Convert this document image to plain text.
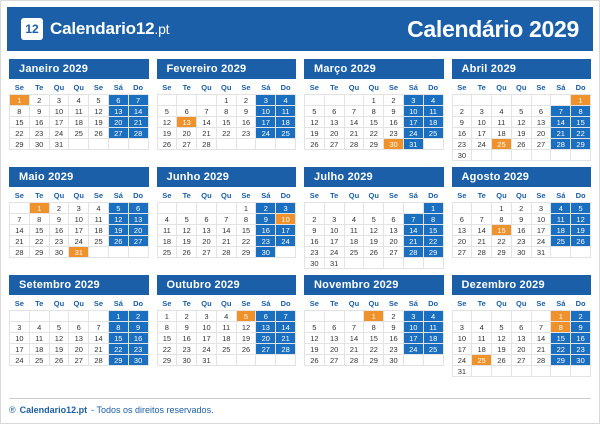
12 Calendario12.pt	Calendário 2029
Janeiro 2029
Se	Te	Qu	Qu	Se	Sá	Do
1	2	3	4	5	6	7
8	9	10	11	12	13	14
15	16	17	18	19	20	21
22	23	24	25	26	27	28
29	30	31				
Fevereiro 2029
Se	Te	Qu	Qu	Se	Sá	Do
			1	2	3	4
5	6	7	8	9	10	11
12	13	14	15	16	17	18
19	20	21	22	23	24	25
26	27	28				
Março 2029
Se	Te	Qu	Qu	Se	Sá	Do
			1	2	3	4
5	6	7	8	9	10	11
12	13	14	15	16	17	18
19	20	21	22	23	24	25
26	27	28	29	30	31	
Abril 2029
Se	Te	Qu	Qu	Se	Sá	Do
						1
2	3	4	5	6	7	8
9	10	11	12	13	14	15
16	17	18	19	20	21	22
23	24	25	26	27	28	29
30						
Maio 2029
Se	Te	Qu	Qu	Se	Sá	Do
	1	2	3	4	5	6
7	8	9	10	11	12	13
14	15	16	17	18	19	20
21	22	23	24	25	26	27
28	29	30	31			
Junho 2029
Se	Te	Qu	Qu	Se	Sá	Do
				1	2	3
4	5	6	7	8	9	10
11	12	13	14	15	16	17
18	19	20	21	22	23	24
25	26	27	28	29	30	
Julho 2029
Se	Te	Qu	Qu	Se	Sá	Do
						1
2	3	4	5	6	7	8
9	10	11	12	13	14	15
16	17	18	19	20	21	22
23	24	25	26	27	28	29
30	31					
Agosto 2029
Se	Te	Qu	Qu	Se	Sá	Do
		1	2	3	4	5
6	7	8	9	10	11	12
13	14	15	16	17	18	19
20	21	22	23	24	25	26
27	28	29	30	31		
Setembro 2029
Se	Te	Qu	Qu	Se	Sá	Do
					1	2
3	4	5	6	7	8	9
10	11	12	13	14	15	16
17	18	19	20	21	22	23
24	25	26	27	28	29	30
Outubro 2029
Se	Te	Qu	Qu	Se	Sá	Do
1	2	3	4	5	6	7
8	9	10	11	12	13	14
15	16	17	18	19	20	21
22	23	24	25	26	27	28
29	30	31				
Novembro 2029
Se	Te	Qu	Qu	Se	Sá	Do
			1	2	3	4
5	6	7	8	9	10	11
12	13	14	15	16	17	18
19	20	21	22	23	24	25
26	27	28	29	30		
Dezembro 2029
Se	Te	Qu	Qu	Se	Sá	Do
					1	2
3	4	5	6	7	8	9
10	11	12	13	14	15	16
17	18	19	20	21	22	23
24	25	26	27	28	29	30
31						
® Calendario12.pt - Todos os direitos reservados.
